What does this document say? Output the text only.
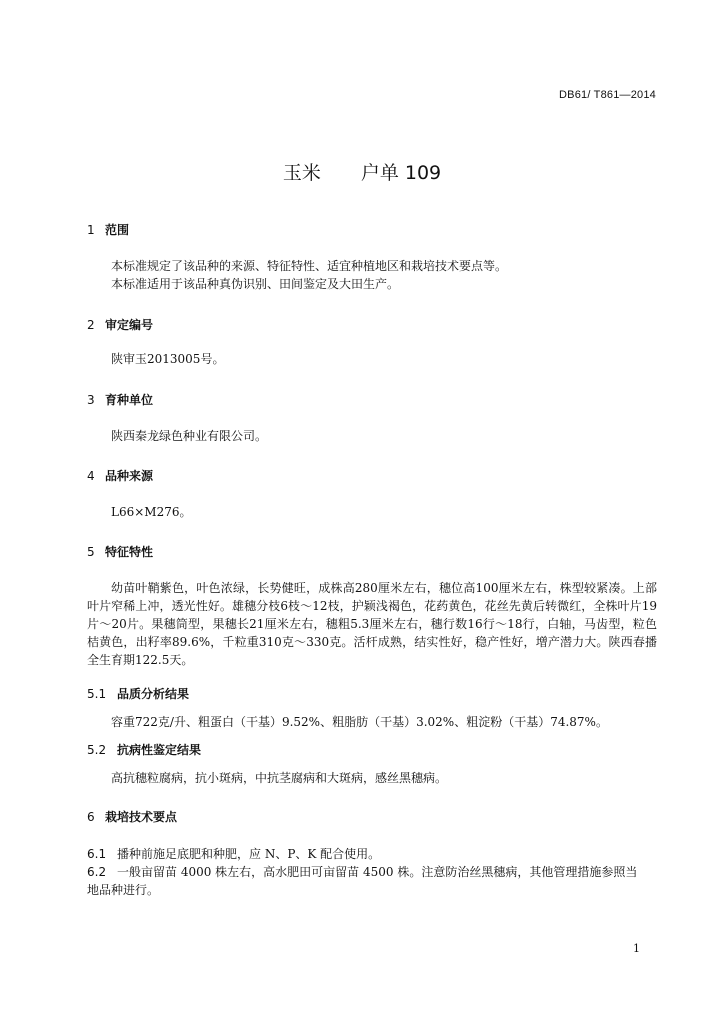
DB61/ T861—2014
玉米 户单 109
1 范围
本标准规定了该品种的来源、特征特性、适宜种植地区和栽培技术要点等。
本标准适用于该品种真伪识别、田间鉴定及大田生产。
2 审定编号
陕审玉2013005号。
3 育种单位
陕西秦龙绿色种业有限公司。
4 品种来源
L66×M276。
5 特征特性
幼苗叶鞘紫色，叶色浓绿，长势健旺，成株高280厘米左右，穗位高100厘米左右，株型较紧凑。上部叶片窄稀上冲，透光性好。雄穗分枝6枝～12枝，护颖浅褐色，花药黄色，花丝先黄后转微红，全株叶片19片～20片。果穗筒型，果穗长21厘米左右，穗粗5.3厘米左右，穗行数16行～18行，白轴，马齿型，粒色桔黄色，出籽率89.6%，千粒重310克～330克。活杆成熟，结实性好，稳产性好，增产潜力大。陕西春播全生育期122.5天。
5.1 品质分析结果
容重722克/升、粗蛋白（干基）9.52%、粗脂肪（干基）3.02%、粗淀粉（干基）74.87%。
5.2 抗病性鉴定结果
高抗穗粒腐病，抗小斑病，中抗茎腐病和大斑病，感丝黑穗病。
6 栽培技术要点
6.1 播种前施足底肥和种肥，应 N、P、K 配合使用。
6.2 一般亩留苗 4000 株左右，高水肥田可亩留苗 4500 株。注意防治丝黑穗病，其他管理措施参照当
地品种进行。
1
